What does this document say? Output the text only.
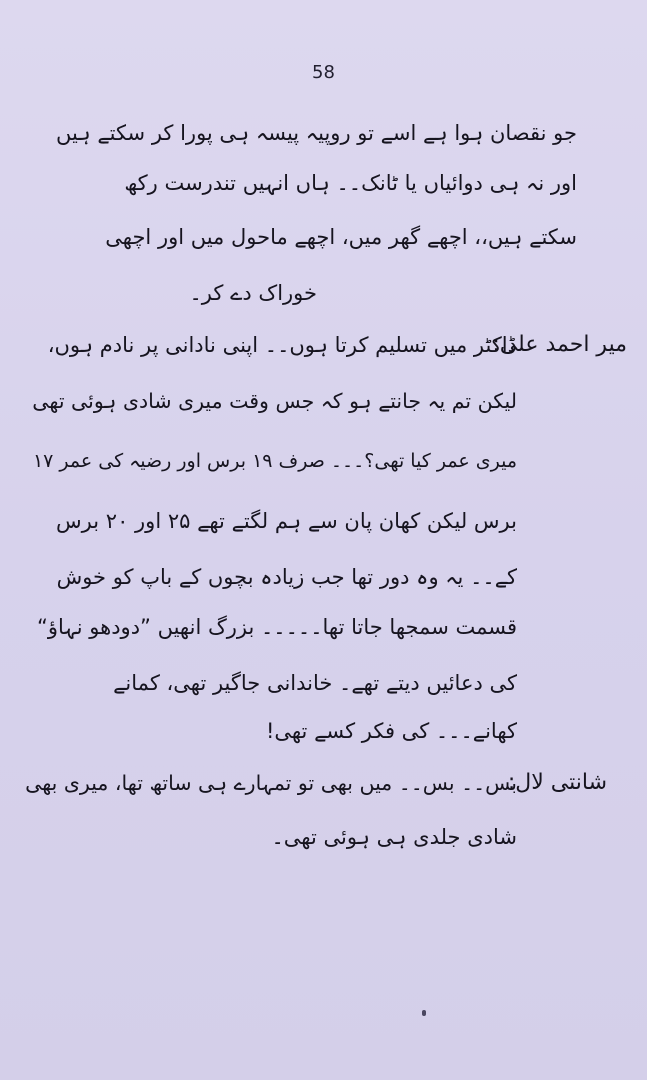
58
جو نقصان ہوا ہے اسے تو روپیہ پیسہ ہی پورا کر سکتے ہیں
اور نہ ہی دوائیاں یا ٹانک۔۔ ہاں انہیں تندرست رکھ
سکتے ہیں،، اچھے گھر میں، اچھے ماحول میں اور اچھی
خوراک دے کر۔
میر احمد علی:
ڈاکٹر میں تسلیم کرتا ہوں۔۔ اپنی نادانی پر نادم ہوں،
لیکن تم یہ جانتے ہو کہ جس وقت میری شادی ہوئی تھی
میری عمر کیا تھی؟۔۔۔ صرف ۱۹ برس اور رضیہ کی عمر ۱۷
برس لیکن کھان پان سے ہم لگتے تھے ۲۵ اور ۲۰ برس
کے۔۔ یہ وہ دور تھا جب زیادہ بچوں کے باپ کو خوش
قسمت سمجھا جاتا تھا۔۔۔۔۔ بزرگ انھیں ”دودھو نہاؤ“
کی دعائیں دیتے تھے۔ خاندانی جاگیر تھی، کمانے
کھانے۔۔۔ کی فکر کسے تھی!
شانتی لال:
بس۔۔ بس۔۔ میں بھی تو تمہارے ہی ساتھ تھا، میری بھی
شادی جلدی ہی ہوئی تھی۔
